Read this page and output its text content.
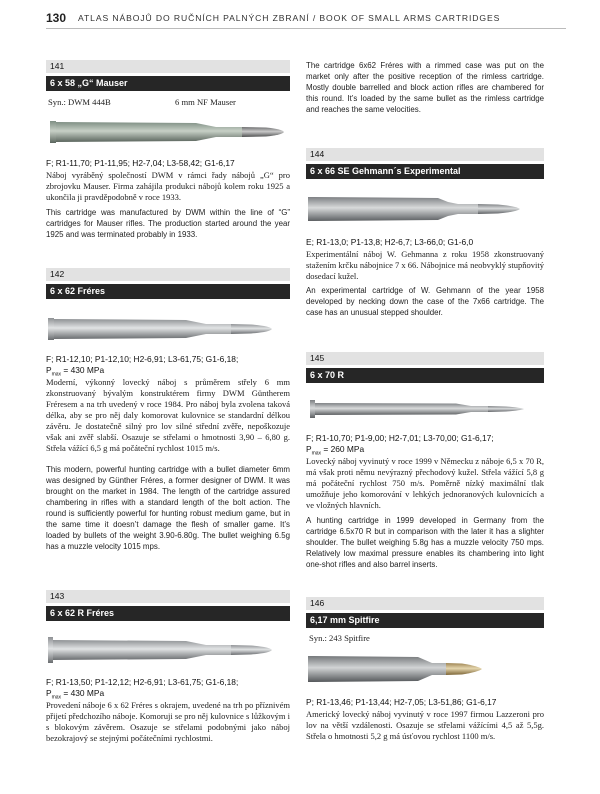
130 ATLAS NÁBOJŮ DO RUČNÍCH PALNÝCH ZBRANÍ / BOOK OF SMALL ARMS CARTRIDGES
141
6 x 58 „G“ Mauser
Syn.: DWM 444B	6 mm NF Mauser
F; R1-11,70; P1-11,95; H2-7,04; L3-58,42; G1-6,17
Náboj vyráběný společností DWM v rámci řady nábojů „G“ pro zbrojovku Mauser. Firma zahájila produkci nábojů kolem roku 1925 a ukončila ji pravděpodobně v roce 1933.
This cartridge was manufactured by DWM within the line of “G” cartridges for Mauser rifles. The production started around the year 1925 and was terminated probably in 1933.
142
6 x 62 Fréres
F; R1-12,10; P1-12,10; H2-6,91; L3-61,75; G1-6,18;
$P_{max} = 430$ MPa
Moderní, výkonný lovecký náboj s průměrem střely 6 mm zkonstruovaný bývalým konstruktérem firmy DWM Güntherem Fréresem a na trh uvedený v roce 1984. Pro náboj byla zvolena taková délka, aby se pro něj daly komorovat kulovnice se standardní délkou závěru. Je dostatečně silný pro lov silné střední zvěře, nepoškozuje však ani zvěř slabší. Osazuje se střelami o hmotnosti 3,90 – 6,80 g. Střela vážící 6,5 g má počáteční rychlost 1015 m/s.
This modern, powerful hunting cartridge with a bullet diameter 6mm was designed by Günther Fréres, a former designer of DWM. It was brought on the market in 1984. The length of the cartridge assured chambering in rifles with a standard length of the bolt action. The round is sufficiently powerful for hunting robust medium game, but in the same time it doesn’t damage the flesh of smaller game. It’s loaded by bullets of the weight 3.90-6.80g. The bullet weighing 6.5g has a muzzle velocity 1015 mps.
143
6 x 62 R Fréres
F; R1-13,50; P1-12,12; H2-6,91; L3-61,75; G1-6,18;
$P_{max} = 430$ MPa
Provedení náboje 6 x 62 Fréres s okrajem, uvedené na trh po příznivém přijetí předchozího náboje. Komoruji se pro něj kulovnice s lůžkovým i s blokovým závěrem. Osazuje se střelami podobnými jako náboj bezokrajový se stejnými počátečními rychlostmi.
The cartridge 6x62 Fréres with a rimmed case was put on the market only after the positive reception of the rimless cartridge. Mostly double barrelled and block action rifles are chambered for this round. It’s loaded by the same bullet as the rimless cartridge and reaches the same velocities.
144
6 x 66 SE Gehmann´s Experimental
E; R1-13,0; P1-13,8; H2-6,7; L3-66,0; G1-6,0
Experimentální náboj W. Gehmanna z roku 1958 zkonstruovaný stažením krčku nábojnice 7 x 66. Nábojnice má neobvyklý stupňovitý dosedací kužel.
An experimental cartridge of W. Gehmann of the year 1958 developed by necking down the case of the 7x66 cartridge. The case has an unusual stepped shoulder.
145
6 x 70 R
F; R1-10,70; P1-9,00; H2-7,01; L3-70,00; G1-6,17;
$P_{max} = 260$ MPa
Lovecký náboj vyvinutý v roce 1999 v Německu z náboje 6,5 x 70 R, má však proti němu nevýrazný přechodový kužel. Střela vážící 5,8 g má počáteční rychlost 750 m/s. Poměrně nízký maximální tlak umožňuje jeho komorování v lehkých jednoranových kulovnicích a ve vložných hlavních.
A hunting cartridge in 1999 developed in Germany from the cartridge 6.5x70 R but in comparison with the later it has a slighter shoulder. The bullet weighing 5.8g has a muzzle velocity 750 mps. Relatively low maximal pressure enables its chambering into light one-shot rifles and also barrel inserts.
146
6,17 mm Spitfire
Syn.: 243 Spitfire
P; R1-13,46; P1-13,44; H2-7,05; L3-51,86; G1-6,17
Americký lovecký náboj vyvinutý v roce 1997 firmou Lazzeroni pro lov na větší vzdálenosti. Osazuje se střelami vážícími 4,5 až 5,5g. Střela o hmotnosti 5,2 g má úsťovou rychlost 1100 m/s.
